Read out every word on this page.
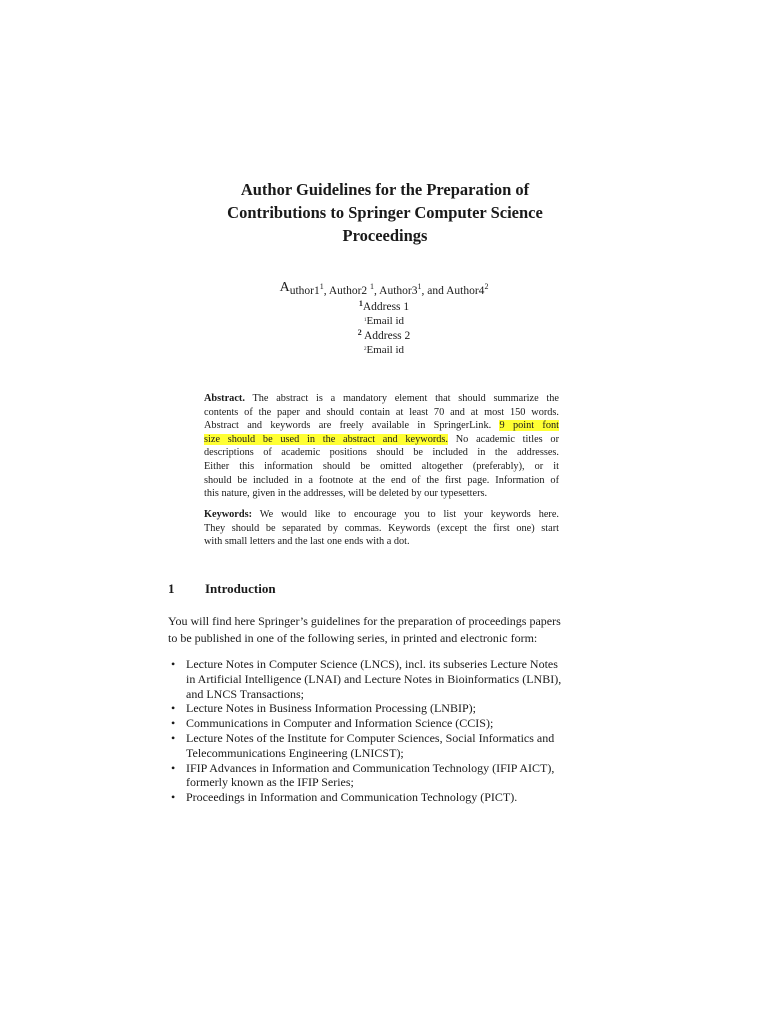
Author Guidelines for the Preparation of
Contributions to Springer Computer Science
Proceedings
$Author1^1$, Author2 $^1$, $Author3^1$, and $Author4^2$
$^1$Address 1
$^1$Email id
$^2$ Address 2
$^2$Email id
Abstract. The abstract is a mandatory element that should summarize the
contents of the paper and should contain at least 70 and at most 150 words.
Abstract and keywords are freely available in SpringerLink. 9 point font
size should be used in the abstract and keywords. No academic titles or
descriptions of academic positions should be included in the addresses.
Either this information should be omitted altogether (preferably), or it
should be included in a footnote at the end of the first page. Information of
this nature, given in the addresses, will be deleted by our typesetters.
Keywords: We would like to encourage you to list your keywords here.
They should be separated by commas. Keywords (except the first one) start
with small letters and the last one ends with a dot.
1 Introduction
You will find here Springer’s guidelines for the preparation of proceedings papers
to be published in one of the following series, in printed and electronic form:
• Lecture Notes in Computer Science (LNCS), incl. its subseries Lecture Notes
in Artificial Intelligence (LNAI) and Lecture Notes in Bioinformatics (LNBI),
and LNCS Transactions;
• Lecture Notes in Business Information Processing (LNBIP);
• Communications in Computer and Information Science (CCIS);
• Lecture Notes of the Institute for Computer Sciences, Social Informatics and
Telecommunications Engineering (LNICST);
• IFIP Advances in Information and Communication Technology (IFIP AICT),
formerly known as the IFIP Series;
• Proceedings in Information and Communication Technology (PICT).
